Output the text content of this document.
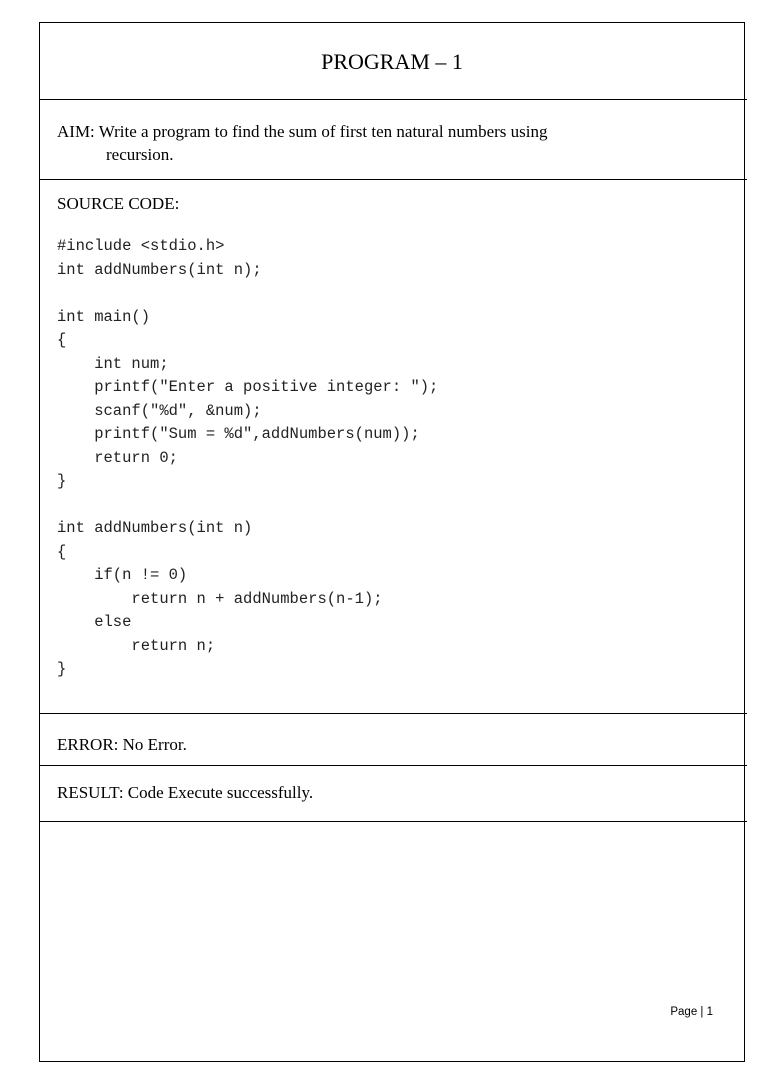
PROGRAM – 1
AIM: Write a program to find the sum of first ten natural numbers using
recursion.
SOURCE CODE:
#include <stdio.h>
int addNumbers(int n);
int main()
{
int num;
printf("Enter a positive integer: ");
scanf("%d", &num);
printf("Sum = %d",addNumbers(num));
return 0;
}
int addNumbers(int n)
{
if(n != 0)
return n + addNumbers(n-1);
else
return n;
}
ERROR: No Error.
RESULT: Code Execute successfully.
Page | 1
